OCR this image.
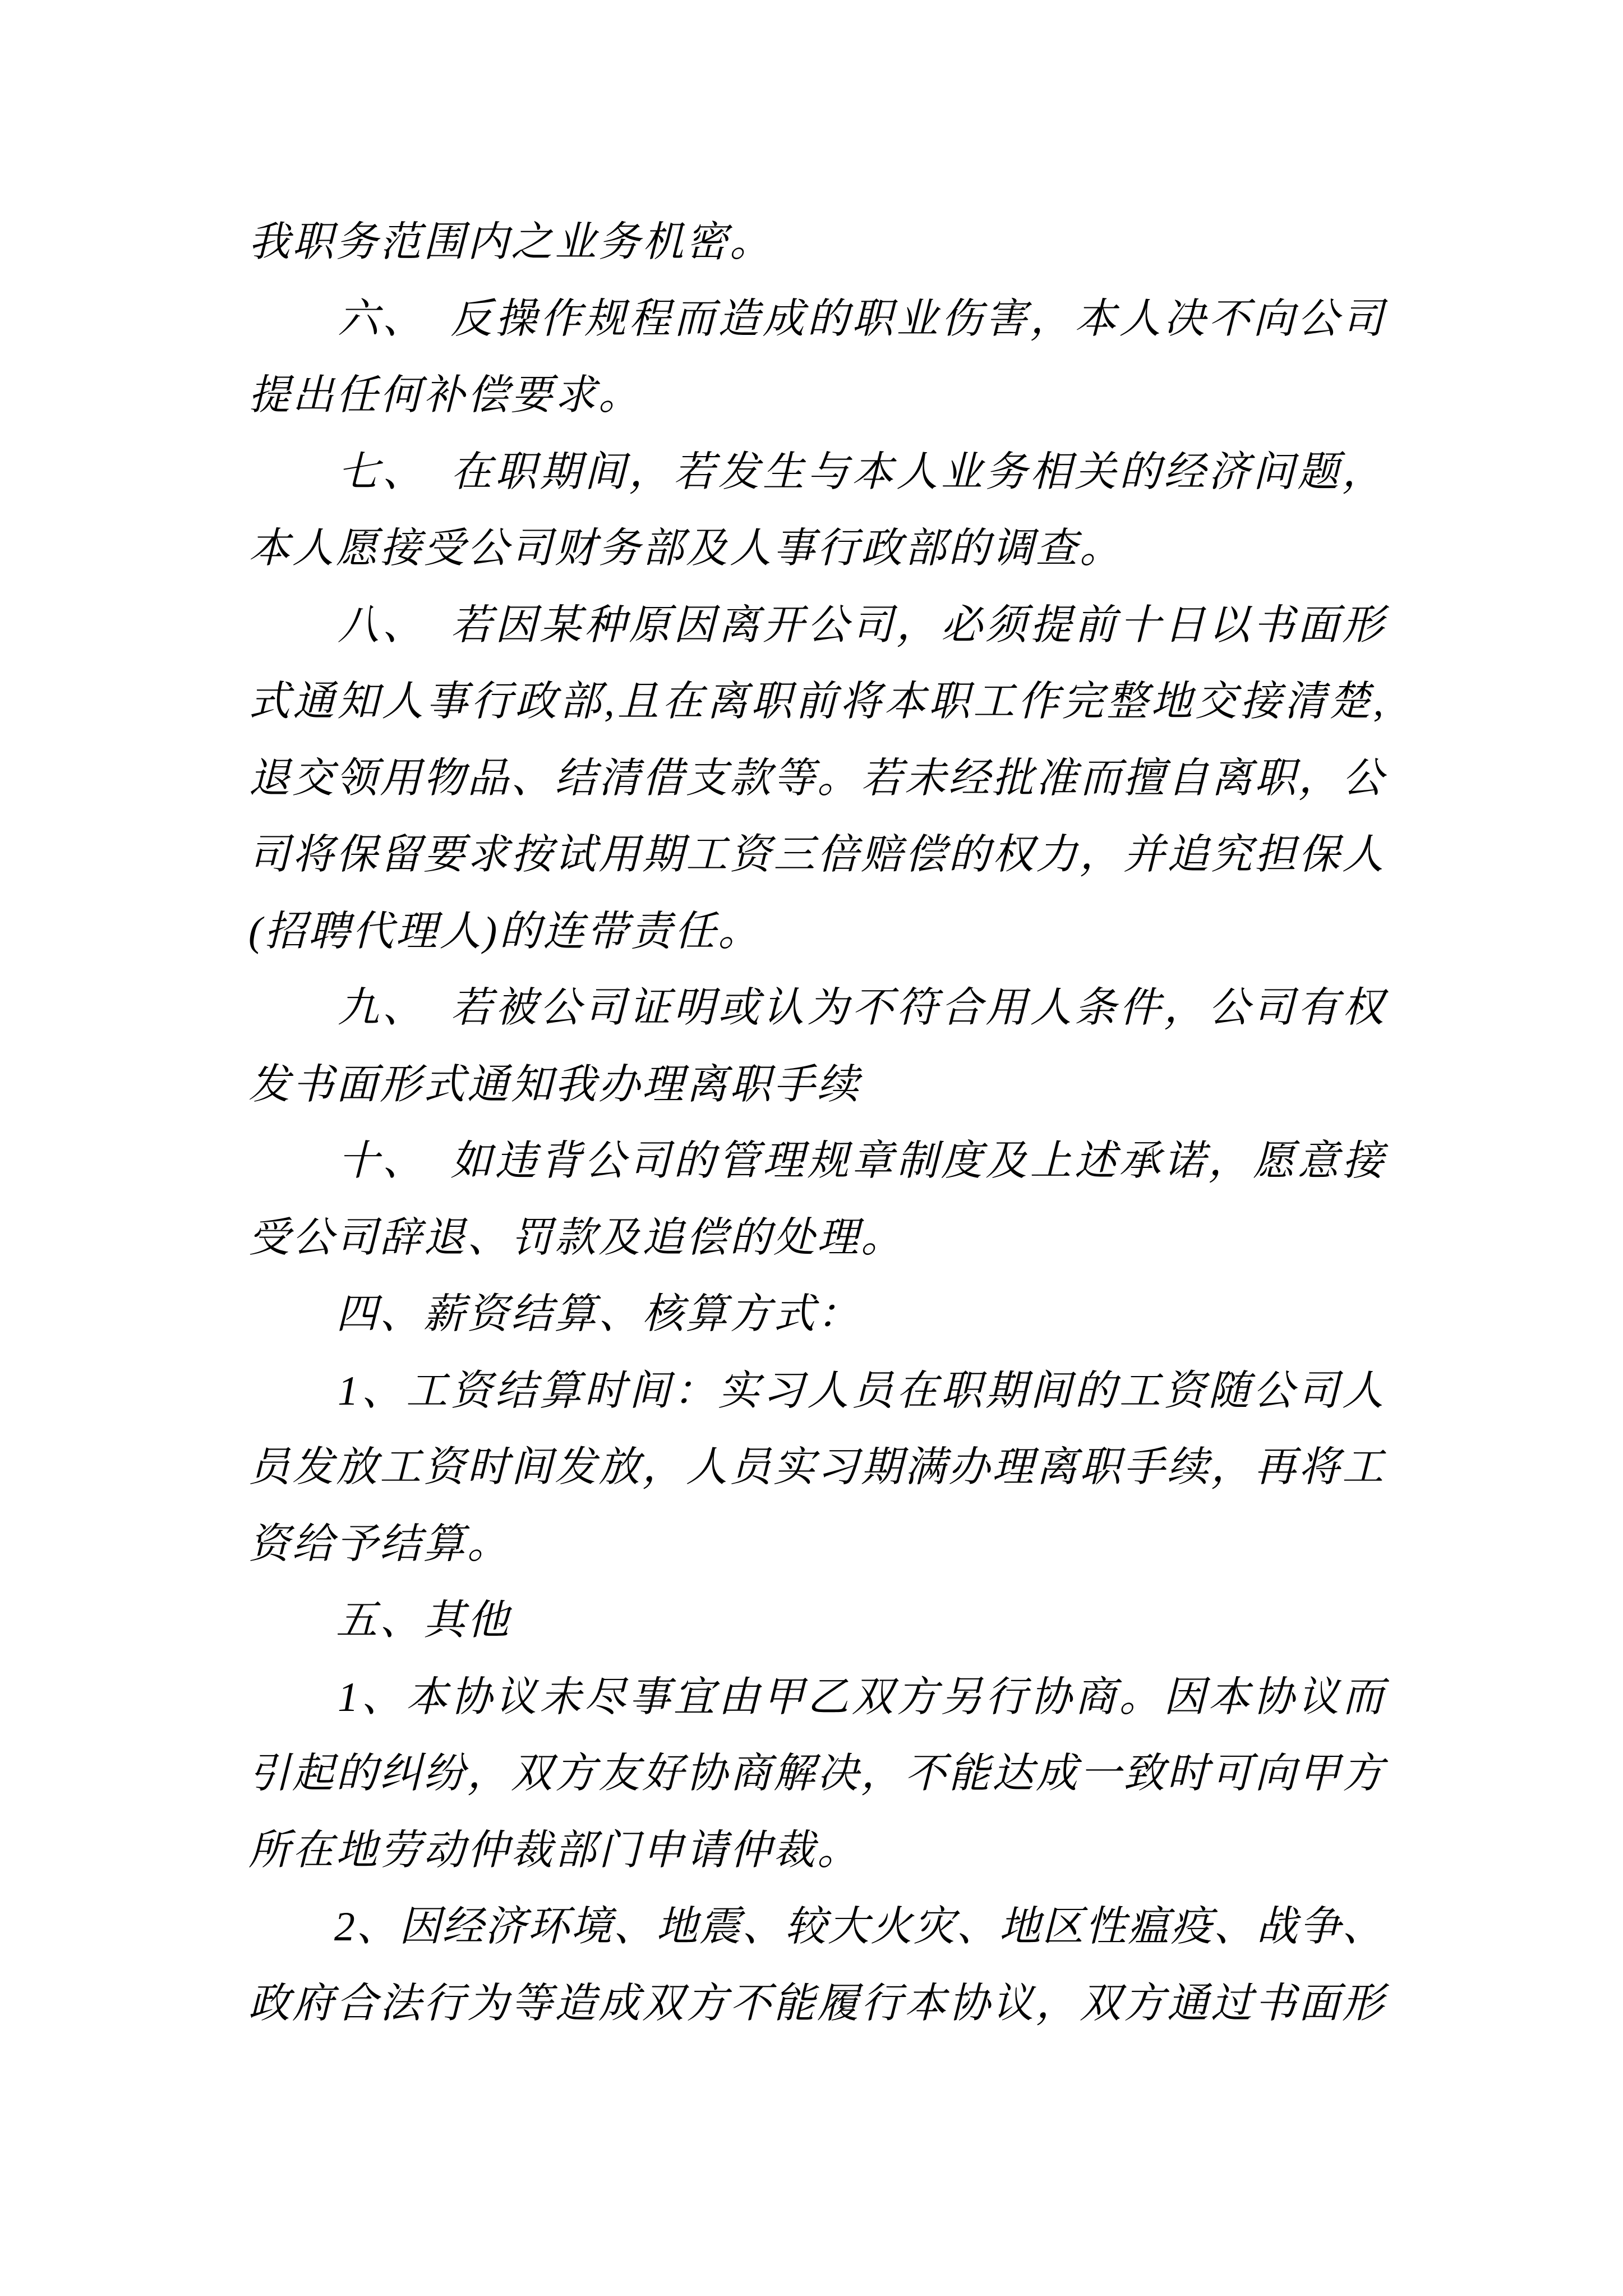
我职务范围内之业务机密。
　　六、　反操作规程而造成的职业伤害，本人决不向公司
提出任何补偿要求。
　　七、　在职期间，若发生与本人业务相关的经济问题，
本人愿接受公司财务部及人事行政部的调查。
　　八、　若因某种原因离开公司，必须提前十日以书面形
式通知人事行政部,且在离职前将本职工作完整地交接清楚,
退交领用物品、结清借支款等。若未经批准而擅自离职，公
司将保留要求按试用期工资三倍赔偿的权力，并追究担保人
(招聘代理人)的连带责任。
　　九、　若被公司证明或认为不符合用人条件，公司有权
发书面形式通知我办理离职手续
　　十、　如违背公司的管理规章制度及上述承诺，愿意接
受公司辞退、罚款及追偿的处理。
　　四、薪资结算、核算方式：
　　1、工资结算时间：实习人员在职期间的工资随公司人
员发放工资时间发放，人员实习期满办理离职手续，再将工
资给予结算。
　　五、其他
　　1、本协议未尽事宜由甲乙双方另行协商。因本协议而
引起的纠纷，双方友好协商解决，不能达成一致时可向甲方
所在地劳动仲裁部门申请仲裁。
　　2、因经济环境、地震、较大火灾、地区性瘟疫、战争、
政府合法行为等造成双方不能履行本协议，双方通过书面形
